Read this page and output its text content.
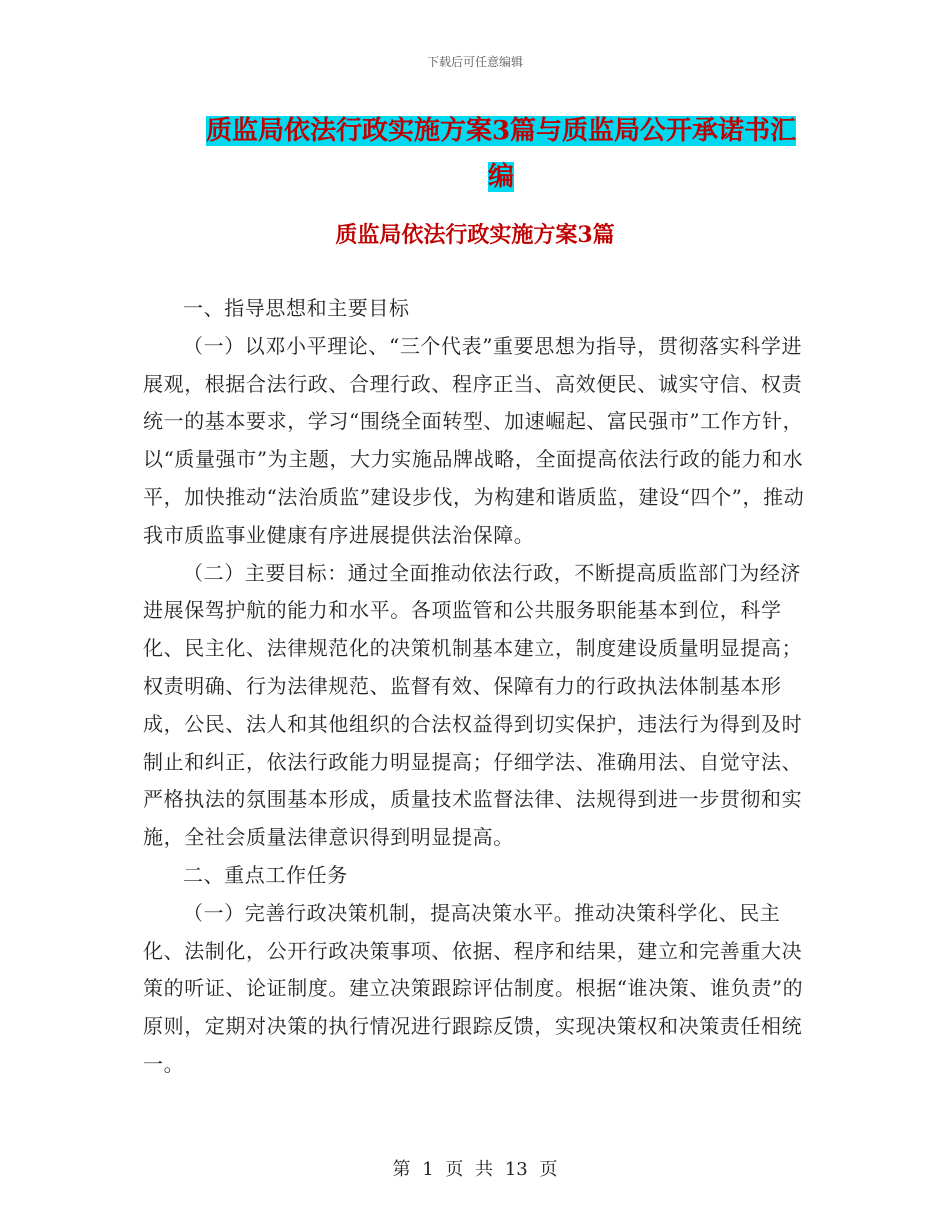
下载后可任意编辑
质监局依法行政实施方案3篇与质监局公开承诺书汇
编
质监局依法行政实施方案3篇

一、指导思想和主要目标

（一）以邓小平理论、“三个代表”重要思想为指导，贯彻落实科学进展观，根据合法行政、合理行政、程序正当、高效便民、诚实守信、权责统一的基本要求，学习“围绕全面转型、加速崛起、富民强市”工作方针，以“质量强市”为主题，大力实施品牌战略，全面提高依法行政的能力和水平，加快推动“法治质监”建设步伐，为构建和谐质监，建设“四个”，推动我市质监事业健康有序进展提供法治保障。

（二）主要目标：通过全面推动依法行政，不断提高质监部门为经济进展保驾护航的能力和水平。各项监管和公共服务职能基本到位，科学化、民主化、法律规范化的决策机制基本建立，制度建设质量明显提高；权责明确、行为法律规范、监督有效、保障有力的行政执法体制基本形成，公民、法人和其他组织的合法权益得到切实保护，违法行为得到及时制止和纠正，依法行政能力明显提高；仔细学法、准确用法、自觉守法、严格执法的氛围基本形成，质量技术监督法律、法规得到进一步贯彻和实施，全社会质量法律意识得到明显提高。

二、重点工作任务

（一）完善行政决策机制，提高决策水平。推动决策科学化、民主化、法制化，公开行政决策事项、依据、程序和结果，建立和完善重大决策的听证、论证制度。建立决策跟踪评估制度。根据“谁决策、谁负责”的原则，定期对决策的执行情况进行跟踪反馈，实现决策权和决策责任相统一。

第 1 页 共 13 页
